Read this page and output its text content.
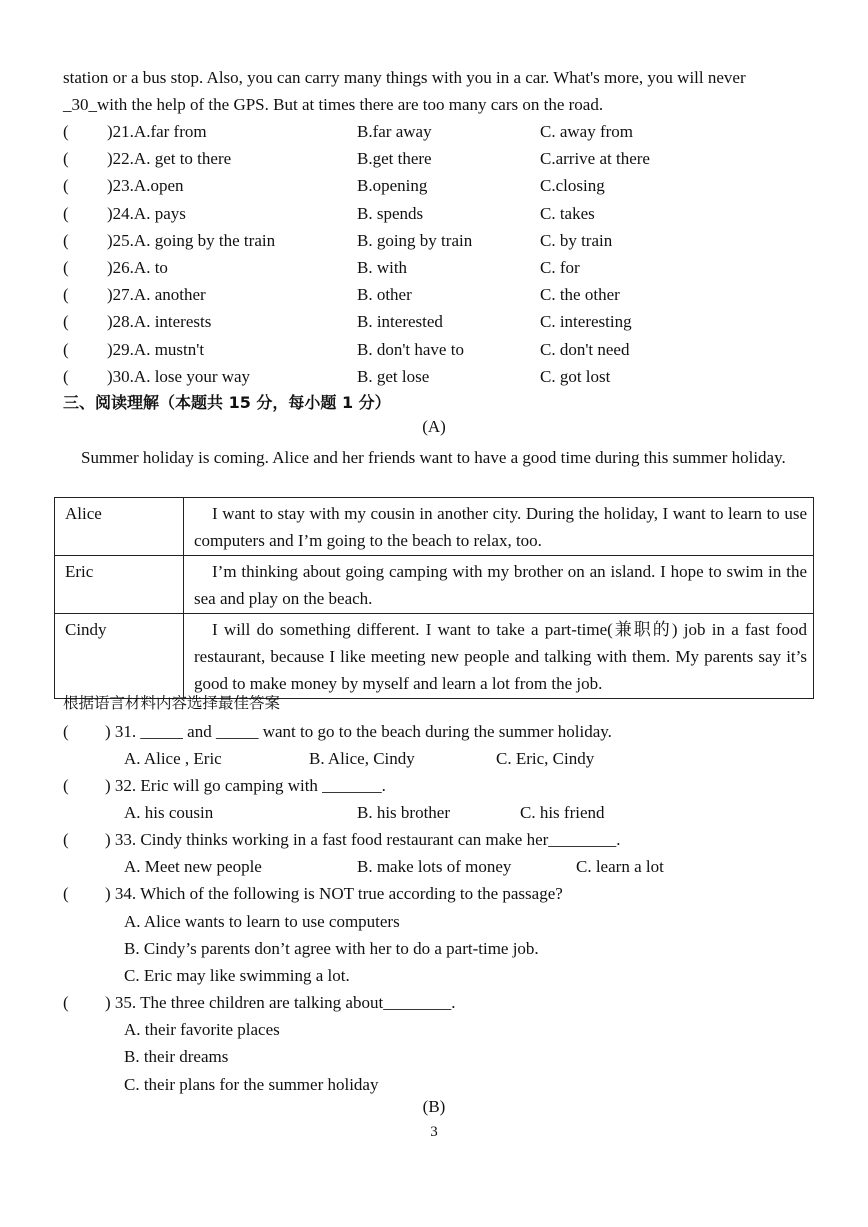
station or a bus stop. Also, you can carry many things with you in a car. What's more, you will never
_30_with the help of the GPS. But at times there are too many cars on the road.
( )21.A.far from	B.far away	C. away from
( )22.A. get to there	B.get there	C.arrive at there
( )23.A.open	B.opening	C.closing
( )24.A. pays	B. spends	C. takes
( )25.A. going by the train	B. going by train	C. by train
( )26.A. to	B. with	C. for
( )27.A. another	B. other	C. the other
( )28.A. interests	B. interested	C. interesting
( )29.A. mustn't	B. don't have to	C. don't need
( )30.A. lose your way	B. get lose	C. got lost
三、阅读理解（本题共 15 分，每小题 1 分）
(A)
Summer holiday is coming. Alice and her friends want to have a good time during this summer holiday.
Alice	I want to stay with my cousin in another city. During the holiday, I want to learn to use computers and I’m going to the beach to relax, too.
Eric	I’m thinking about going camping with my brother on an island. I hope to swim in the sea and play on the beach.
Cindy	I will do something different. I want to take a part-time(兼职的) job in a fast food restaurant, because I like meeting new people and talking with them. My parents say it’s good to make money by myself and learn a lot from the job.
根据语言材料内容选择最佳答案
( ) 31. _____ and _____ want to go to the beach during the summer holiday.
A. Alice , Eric	B. Alice, Cindy	C. Eric, Cindy
( ) 32. Eric will go camping with _______.
A. his cousin	B. his brother	C. his friend
( ) 33. Cindy thinks working in a fast food restaurant can make her________.
A. Meet new people	B. make lots of money	C. learn a lot
( ) 34. Which of the following is NOT true according to the passage?
A. Alice wants to learn to use computers
B. Cindy’s parents don’t agree with her to do a part-time job.
C. Eric may like swimming a lot.
( ) 35. The three children are talking about________.
A. their favorite places
B. their dreams
C. their plans for the summer holiday
(B)
3
